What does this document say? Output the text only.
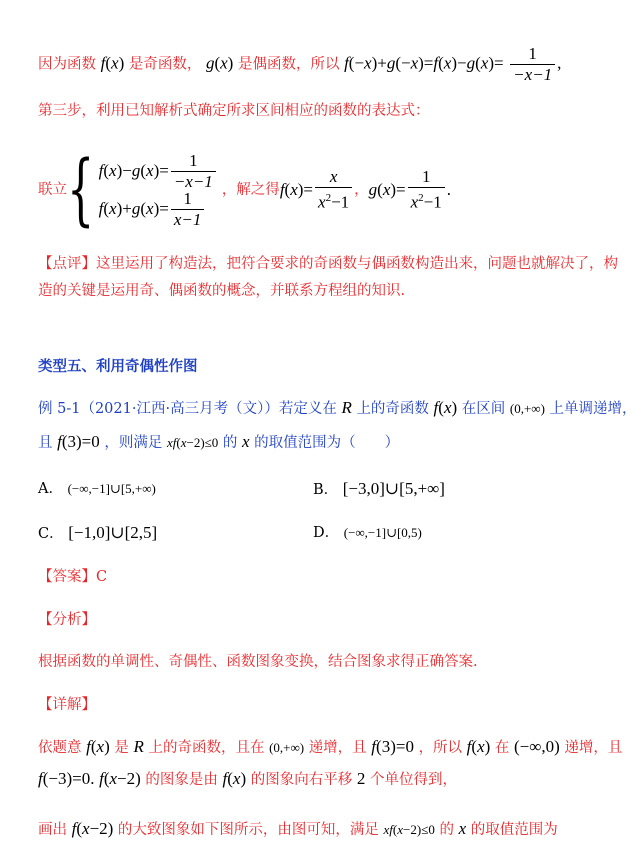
因为函数 f(x) 是奇函数， g(x) 是偶函数，所以 $f(-x)+g(-x)=f(x)-g(x)= \frac{1}{-x-1}$ ,
第三步，利用已知解析式确定所求区间相应的函数的表达式：
联立 { f ( x )− g ( x )= $\frac{1}{-x-1}$
f ( x )+ g ( x )= $\frac{1}{x-1}$ ，解之得 f ( x )= $\frac{x}{x^2-1}$ ， g ( x )= $\frac{1}{x^2-1}$ .
【点评】这里运用了构造法，把符合要求的奇函数与偶函数构造出来，问题也就解决了，构
造的关键是运用奇、偶函数的概念，并联系方程组的知识.
类型五、利用奇偶性作图
例 5-1（2021·江西·高三月考（文））若定义在 R 上的奇函数 f(x) 在区间 (0,+∞) 上单调递增，
且 f(3)=0 ，则满足 xf(x−2)≤0 的 x 的取值范围为（　　）
A． (−∞,−1]∪[5,+∞)	B． [−3,0]∪[5,+∞]
C． [−1,0]∪[2,5]	D． (−∞,−1]∪[0,5)
【答案】C
【分析】
根据函数的单调性、奇偶性、函数图象变换，结合图象求得正确答案.
【详解】
依题意 f(x) 是 R 上的奇函数，且在 (0,+∞) 递增，且 f(3)=0 ，所以 f(x) 在 (−∞,0) 递增，且
f(−3)=0. f(x−2) 的图象是由 f(x) 的图象向右平移 2 个单位得到，
画出 f(x−2) 的大致图象如下图所示，由图可知，满足 xf(x−2)≤0 的 x 的取值范围为
